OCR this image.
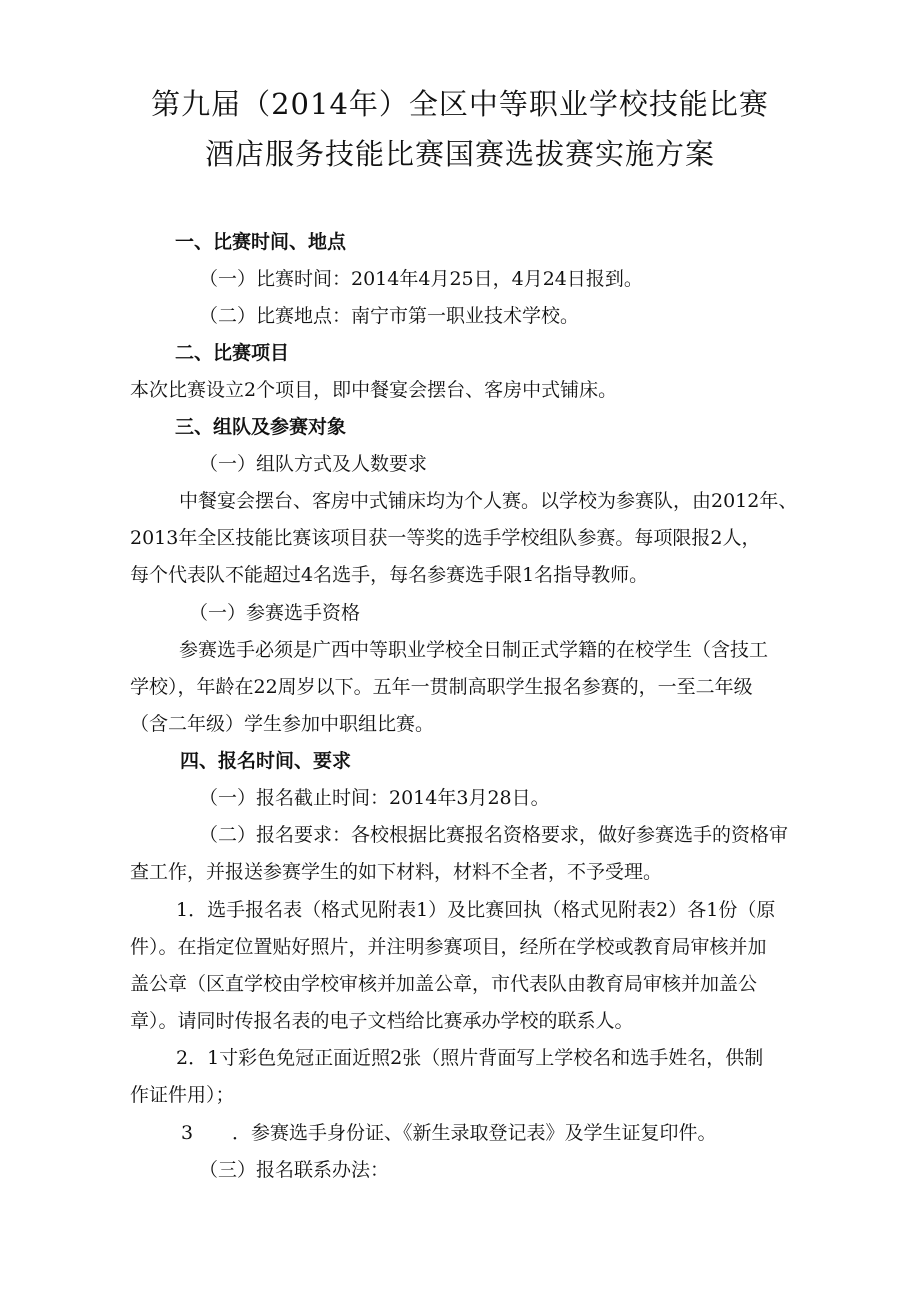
第九届（2014年）全区中等职业学校技能比赛
酒店服务技能比赛国赛选拔赛实施方案
一、比赛时间、地点
（一）比赛时间：2014年4月25日，4月24日报到。
（二）比赛地点：南宁市第一职业技术学校。
二、比赛项目
本次比赛设立2个项目，即中餐宴会摆台、客房中式铺床。
三、组队及参赛对象
（一）组队方式及人数要求
中餐宴会摆台、客房中式铺床均为个人赛。以学校为参赛队，由2012年、
2013年全区技能比赛该项目获一等奖的选手学校组队参赛。每项限报2人，
每个代表队不能超过4名选手，每名参赛选手限1名指导教师。
（一）参赛选手资格
参赛选手必须是广西中等职业学校全日制正式学籍的在校学生（含技工
学校），年龄在22周岁以下。五年一贯制高职学生报名参赛的，一至二年级
（含二年级）学生参加中职组比赛。
四、报名时间、要求
（一）报名截止时间：2014年3月28日。
（二）报名要求：各校根据比赛报名资格要求，做好参赛选手的资格审
查工作，并报送参赛学生的如下材料，材料不全者，不予受理。
1．选手报名表（格式见附表1）及比赛回执（格式见附表2）各1份（原
件）。在指定位置贴好照片，并注明参赛项目，经所在学校或教育局审核并加
盖公章（区直学校由学校审核并加盖公章，市代表队由教育局审核并加盖公
章）。请同时传报名表的电子文档给比赛承办学校的联系人。
2．1寸彩色免冠正面近照2张（照片背面写上学校名和选手姓名，供制
作证件用）；
3 ．参赛选手身份证、《新生录取登记表》及学生证复印件。
（三）报名联系办法：
